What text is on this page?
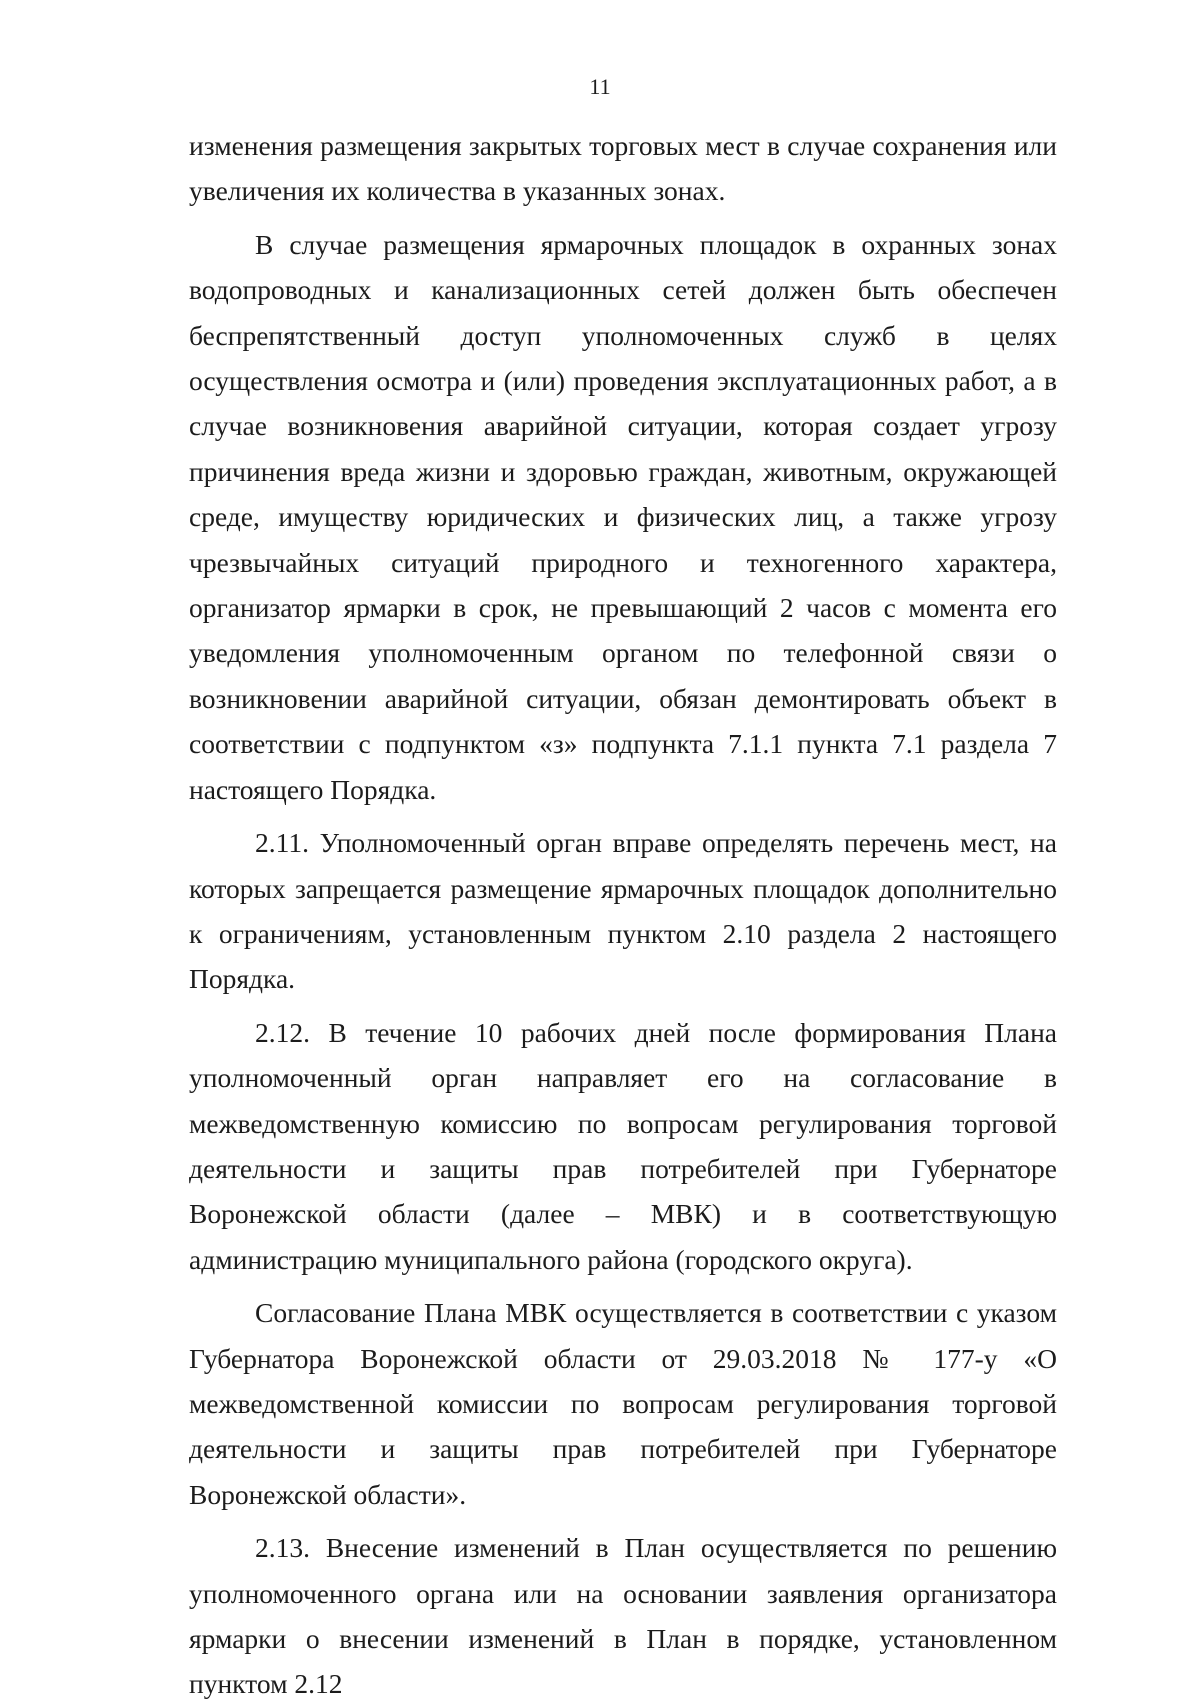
11

изменения размещения закрытых торговых мест в случае сохранения или увеличения их количества в указанных зонах.

В случае размещения ярмарочных площадок в охранных зонах водопроводных и канализационных сетей должен быть обеспечен беспрепятственный доступ уполномоченных служб в целях осуществления осмотра и (или) проведения эксплуатационных работ, а в случае возникновения аварийной ситуации, которая создает угрозу причинения вреда жизни и здоровью граждан, животным, окружающей среде, имуществу юридических и физических лиц, а также угрозу чрезвычайных ситуаций природного и техногенного характера, организатор ярмарки в срок, не превышающий 2 часов с момента его уведомления уполномоченным органом по телефонной связи о возникновении аварийной ситуации, обязан демонтировать объект в соответствии с подпунктом «з» подпункта 7.1.1 пункта 7.1 раздела 7 настоящего Порядка.

2.11. Уполномоченный орган вправе определять перечень мест, на которых запрещается размещение ярмарочных площадок дополнительно к ограничениям, установленным пунктом 2.10 раздела 2 настоящего Порядка.

2.12. В течение 10 рабочих дней после формирования Плана уполномоченный орган направляет его на согласование в межведомственную комиссию по вопросам регулирования торговой деятельности и защиты прав потребителей при Губернаторе Воронежской области (далее – МВК) и в соответствующую администрацию муниципального района (городского округа).

Согласование Плана МВК осуществляется в соответствии с указом Губернатора Воронежской области от 29.03.2018 № 177-у «О межведомственной комиссии по вопросам регулирования торговой деятельности и защиты прав потребителей при Губернаторе Воронежской области».

2.13. Внесение изменений в План осуществляется по решению уполномоченного органа или на основании заявления организатора ярмарки о внесении изменений в План в порядке, установленном пунктом 2.12
